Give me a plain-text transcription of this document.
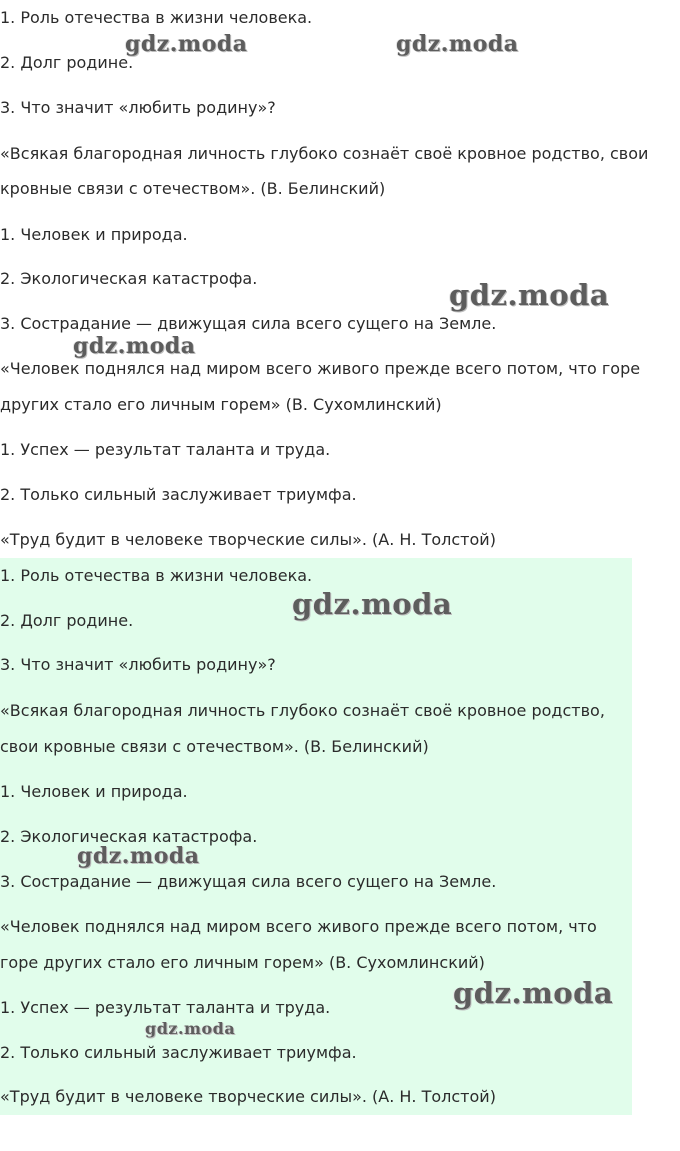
1. Роль отечества в жизни человека.
2. Долг родине.
3. Что значит «любить родину»?
«Всякая благородная личность глубоко сознаёт своё кровное родство, свои
кровные связи с отечеством». (В. Белинский)
1. Человек и природа.
2. Экологическая катастрофа.
3. Сострадание — движущая сила всего сущего на Земле.
«Человек поднялся над миром всего живого прежде всего потом, что горе
других стало его личным горем» (В. Сухомлинский)
1. Успех — результат таланта и труда.
2. Только сильный заслуживает триумфа.
«Труд будит в человеке творческие силы». (А. Н. Толстой)
1. Роль отечества в жизни человека.
2. Долг родине.
3. Что значит «любить родину»?
«Всякая благородная личность глубоко сознаёт своё кровное родство,
свои кровные связи с отечеством». (В. Белинский)
1. Человек и природа.
2. Экологическая катастрофа.
3. Сострадание — движущая сила всего сущего на Земле.
«Человек поднялся над миром всего живого прежде всего потом, что
горе других стало его личным горем» (В. Сухомлинский)
1. Успех — результат таланта и труда.
2. Только сильный заслуживает триумфа.
«Труд будит в человеке творческие силы». (А. Н. Толстой)
gdz.moda	gdz.moda
gdz.moda
gdz.moda
gdz.moda
gdz.moda
gdz.moda
gdz.moda
